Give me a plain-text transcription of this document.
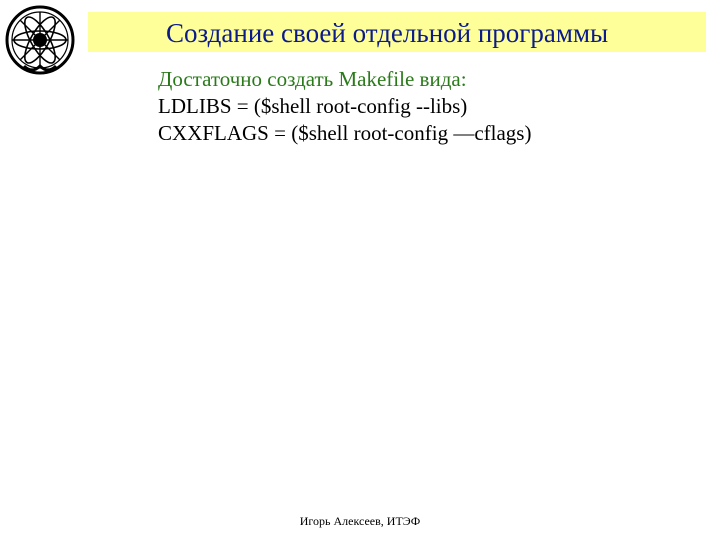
Создание своей отдельной программы
Достаточно создать Makefile вида:
LDLIBS = ($shell root-config --libs)
CXXFLAGS = ($shell root-config —cflags)
Игорь Алексеев, ИТЭФ
